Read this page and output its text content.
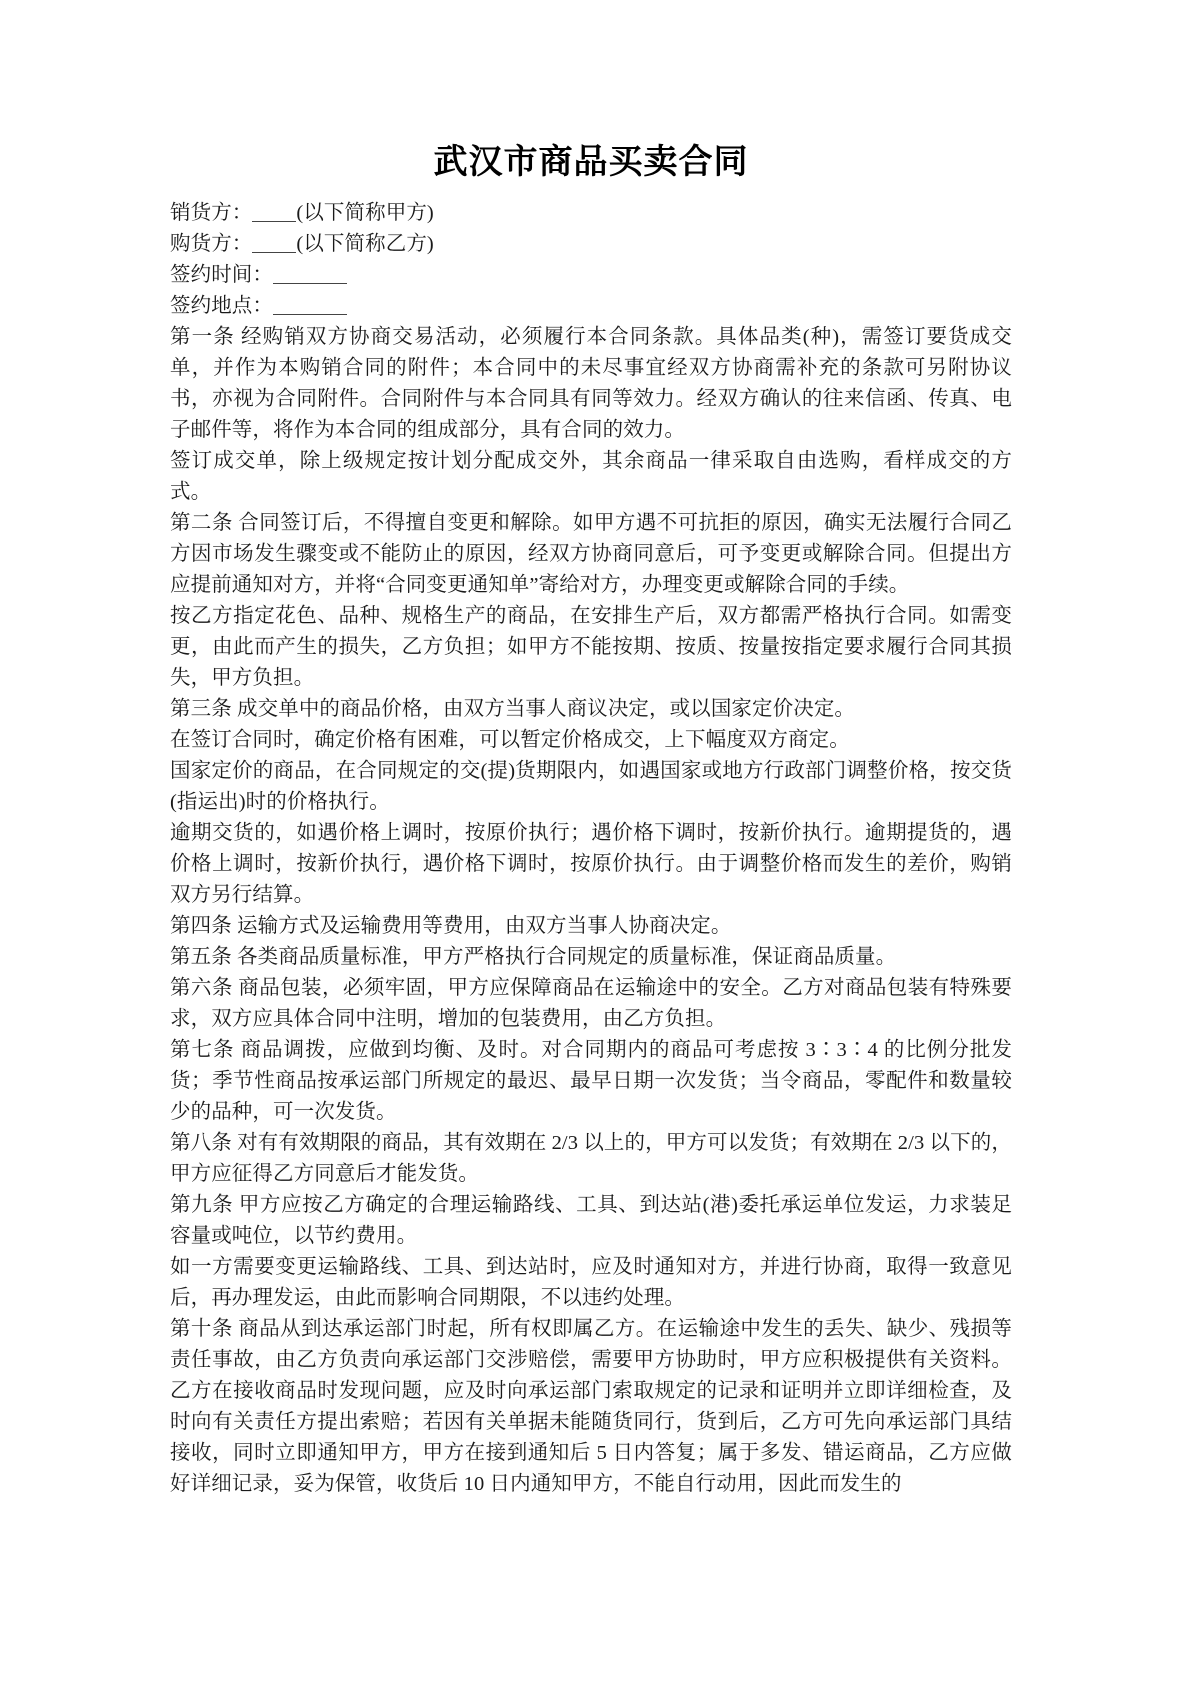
武汉市商品买卖合同

销货方： (以下简称甲方)

购货方： (以下简称乙方)

签约时间：

签约地点：

第一条 经购销双方协商交易活动，必须履行本合同条款。具体品类(种)，需签订要货成交单，并作为本购销合同的附件；本合同中的未尽事宜经双方协商需补充的条款可另附协议书，亦视为合同附件。合同附件与本合同具有同等效力。经双方确认的往来信函、传真、电子邮件等，将作为本合同的组成部分，具有合同的效力。

签订成交单，除上级规定按计划分配成交外，其余商品一律采取自由选购，看样成交的方式。

第二条 合同签订后，不得擅自变更和解除。如甲方遇不可抗拒的原因，确实无法履行合同乙方因市场发生骤变或不能防止的原因，经双方协商同意后，可予变更或解除合同。但提出方应提前通知对方，并将“合同变更通知单”寄给对方，办理变更或解除合同的手续。

按乙方指定花色、品种、规格生产的商品，在安排生产后，双方都需严格执行合同。如需变更，由此而产生的损失，乙方负担；如甲方不能按期、按质、按量按指定要求履行合同其损失，甲方负担。

第三条 成交单中的商品价格，由双方当事人商议决定，或以国家定价决定。

在签订合同时，确定价格有困难，可以暂定价格成交，上下幅度双方商定。

国家定价的商品，在合同规定的交(提)货期限内，如遇国家或地方行政部门调整价格，按交货(指运出)时的价格执行。

逾期交货的，如遇价格上调时，按原价执行；遇价格下调时，按新价执行。逾期提货的，遇价格上调时，按新价执行，遇价格下调时，按原价执行。由于调整价格而发生的差价，购销双方另行结算。

第四条 运输方式及运输费用等费用，由双方当事人协商决定。

第五条 各类商品质量标准，甲方严格执行合同规定的质量标准，保证商品质量。

第六条 商品包装，必须牢固，甲方应保障商品在运输途中的安全。乙方对商品包装有特殊要求，双方应具体合同中注明，增加的包装费用，由乙方负担。

第七条 商品调拨，应做到均衡、及时。对合同期内的商品可考虑按 3∶3∶4 的比例分批发货；季节性商品按承运部门所规定的最迟、最早日期一次发货；当令商品，零配件和数量较少的品种，可一次发货。

第八条 对有有效期限的商品，其有效期在 2/3 以上的，甲方可以发货；有效期在 2/3 以下的，甲方应征得乙方同意后才能发货。

第九条 甲方应按乙方确定的合理运输路线、工具、到达站(港)委托承运单位发运，力求装足容量或吨位，以节约费用。

如一方需要变更运输路线、工具、到达站时，应及时通知对方，并进行协商，取得一致意见后，再办理发运，由此而影响合同期限，不以违约处理。

第十条 商品从到达承运部门时起，所有权即属乙方。在运输途中发生的丢失、缺少、残损等责任事故，由乙方负责向承运部门交涉赔偿，需要甲方协助时，甲方应积极提供有关资料。乙方在接收商品时发现问题，应及时向承运部门索取规定的记录和证明并立即详细检查，及时向有关责任方提出索赔；若因有关单据未能随货同行，货到后，乙方可先向承运部门具结接收，同时立即通知甲方，甲方在接到通知后 5 日内答复；属于多发、错运商品，乙方应做好详细记录，妥为保管，收货后 10 日内通知甲方，不能自行动用，因此而发生的
